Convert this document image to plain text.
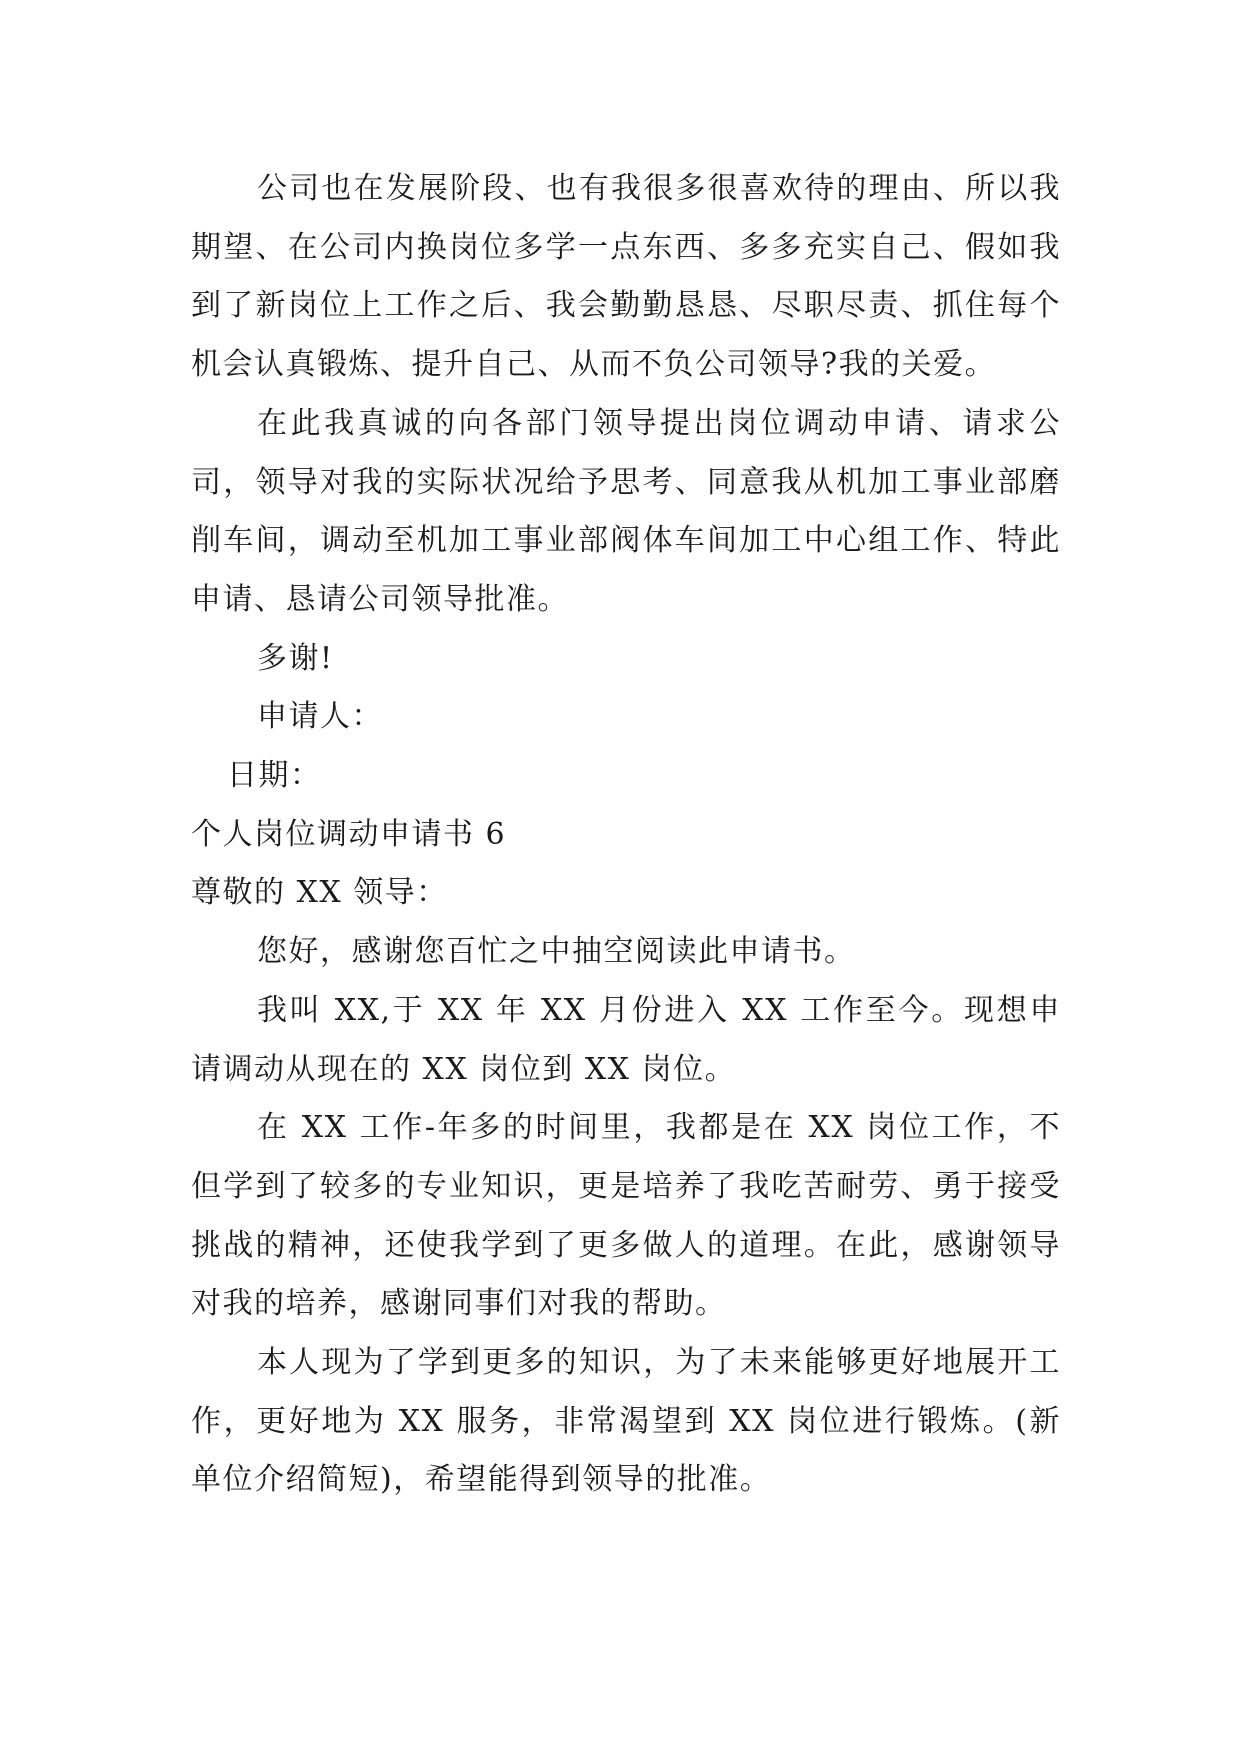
公司也在发展阶段、也有我很多很喜欢待的理由、所以我期望、在公司内换岗位多学一点东西、多多充实自己、假如我到了新岗位上工作之后、我会勤勤恳恳、尽职尽责、抓住每个机会认真锻炼、提升自己、从而不负公司领导?我的关爱。

在此我真诚的向各部门领导提出岗位调动申请、请求公司，领导对我的实际状况给予思考、同意我从机加工事业部磨削车间，调动至机加工事业部阀体车间加工中心组工作、特此申请、恳请公司领导批准。

多谢!

申请人：

日期：

个人岗位调动申请书 6

尊敬的 XX 领导：

您好，感谢您百忙之中抽空阅读此申请书。

我叫 XX,于 XX 年 XX 月份进入 XX 工作至今。现想申请调动从现在的 XX 岗位到 XX 岗位。

在 XX 工作-年多的时间里，我都是在 XX 岗位工作，不但学到了较多的专业知识，更是培养了我吃苦耐劳、勇于接受挑战的精神，还使我学到了更多做人的道理。在此，感谢领导对我的培养，感谢同事们对我的帮助。

本人现为了学到更多的知识，为了未来能够更好地展开工作，更好地为 XX 服务，非常渴望到 XX 岗位进行锻炼。(新单位介绍简短)，希望能得到领导的批准。
